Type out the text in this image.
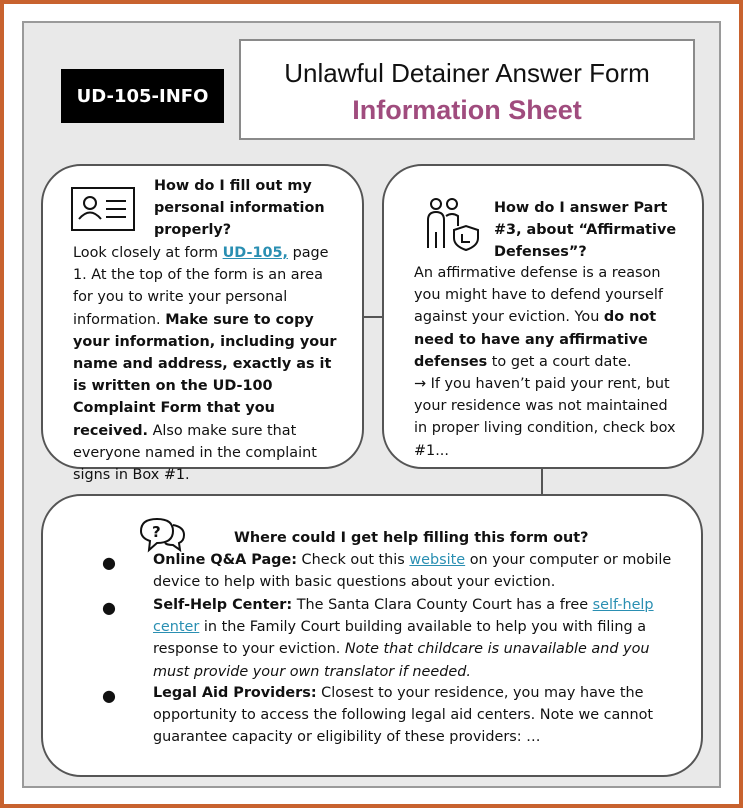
UD-105-INFO
Unlawful Detainer Answer Form
Information Sheet

How do I fill out my personal information properly?

Look closely at form UD-105, page 1. At the top of the form is an area for you to write your personal information. Make sure to copy your information, including your name and address, exactly as it is written on the UD-100 Complaint Form that you received. Also make sure that everyone named in the complaint signs in Box #1.

How do I answer Part #3, about “Affirmative Defenses”?

An affirmative defense is a reason you might have to defend yourself against your eviction. You do not need to have any affirmative defenses to get a court date.
→ If you haven’t paid your rent, but your residence was not maintained in proper living condition, check box #1...

?	Where could I get help filling this form out?

●	Online Q&A Page: Check out this website on your computer or mobile device to help with basic questions about your eviction.

●	Self-Help Center: The Santa Clara County Court has a free self-help center in the Family Court building available to help you with filing a response to your eviction. Note that childcare is unavailable and you must provide your own translator if needed.

●	Legal Aid Providers: Closest to your residence, you may have the opportunity to access the following legal aid centers. Note we cannot guarantee capacity or eligibility of these providers: …
